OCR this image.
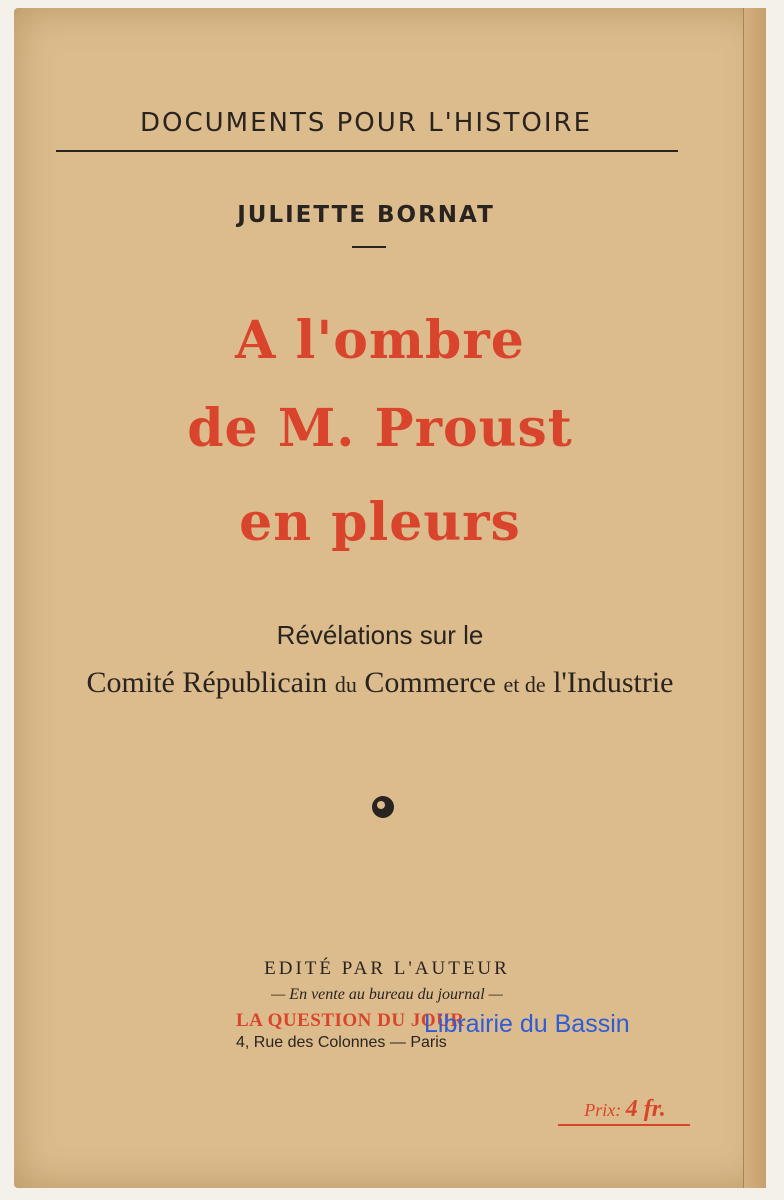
DOCUMENTS POUR L'HISTOIRE
JULIETTE BORNAT
A l'ombre
de M. Proust
en pleurs
Révélations sur le
Comité Républicain du Commerce et de l'Industrie
EDITÉ PAR L'AUTEUR
— En vente au bureau du journal —
LA QUESTION DU JOUR
4, Rue des Colonnes — Paris
Librairie du Bassin
Prix: 4 fr.
